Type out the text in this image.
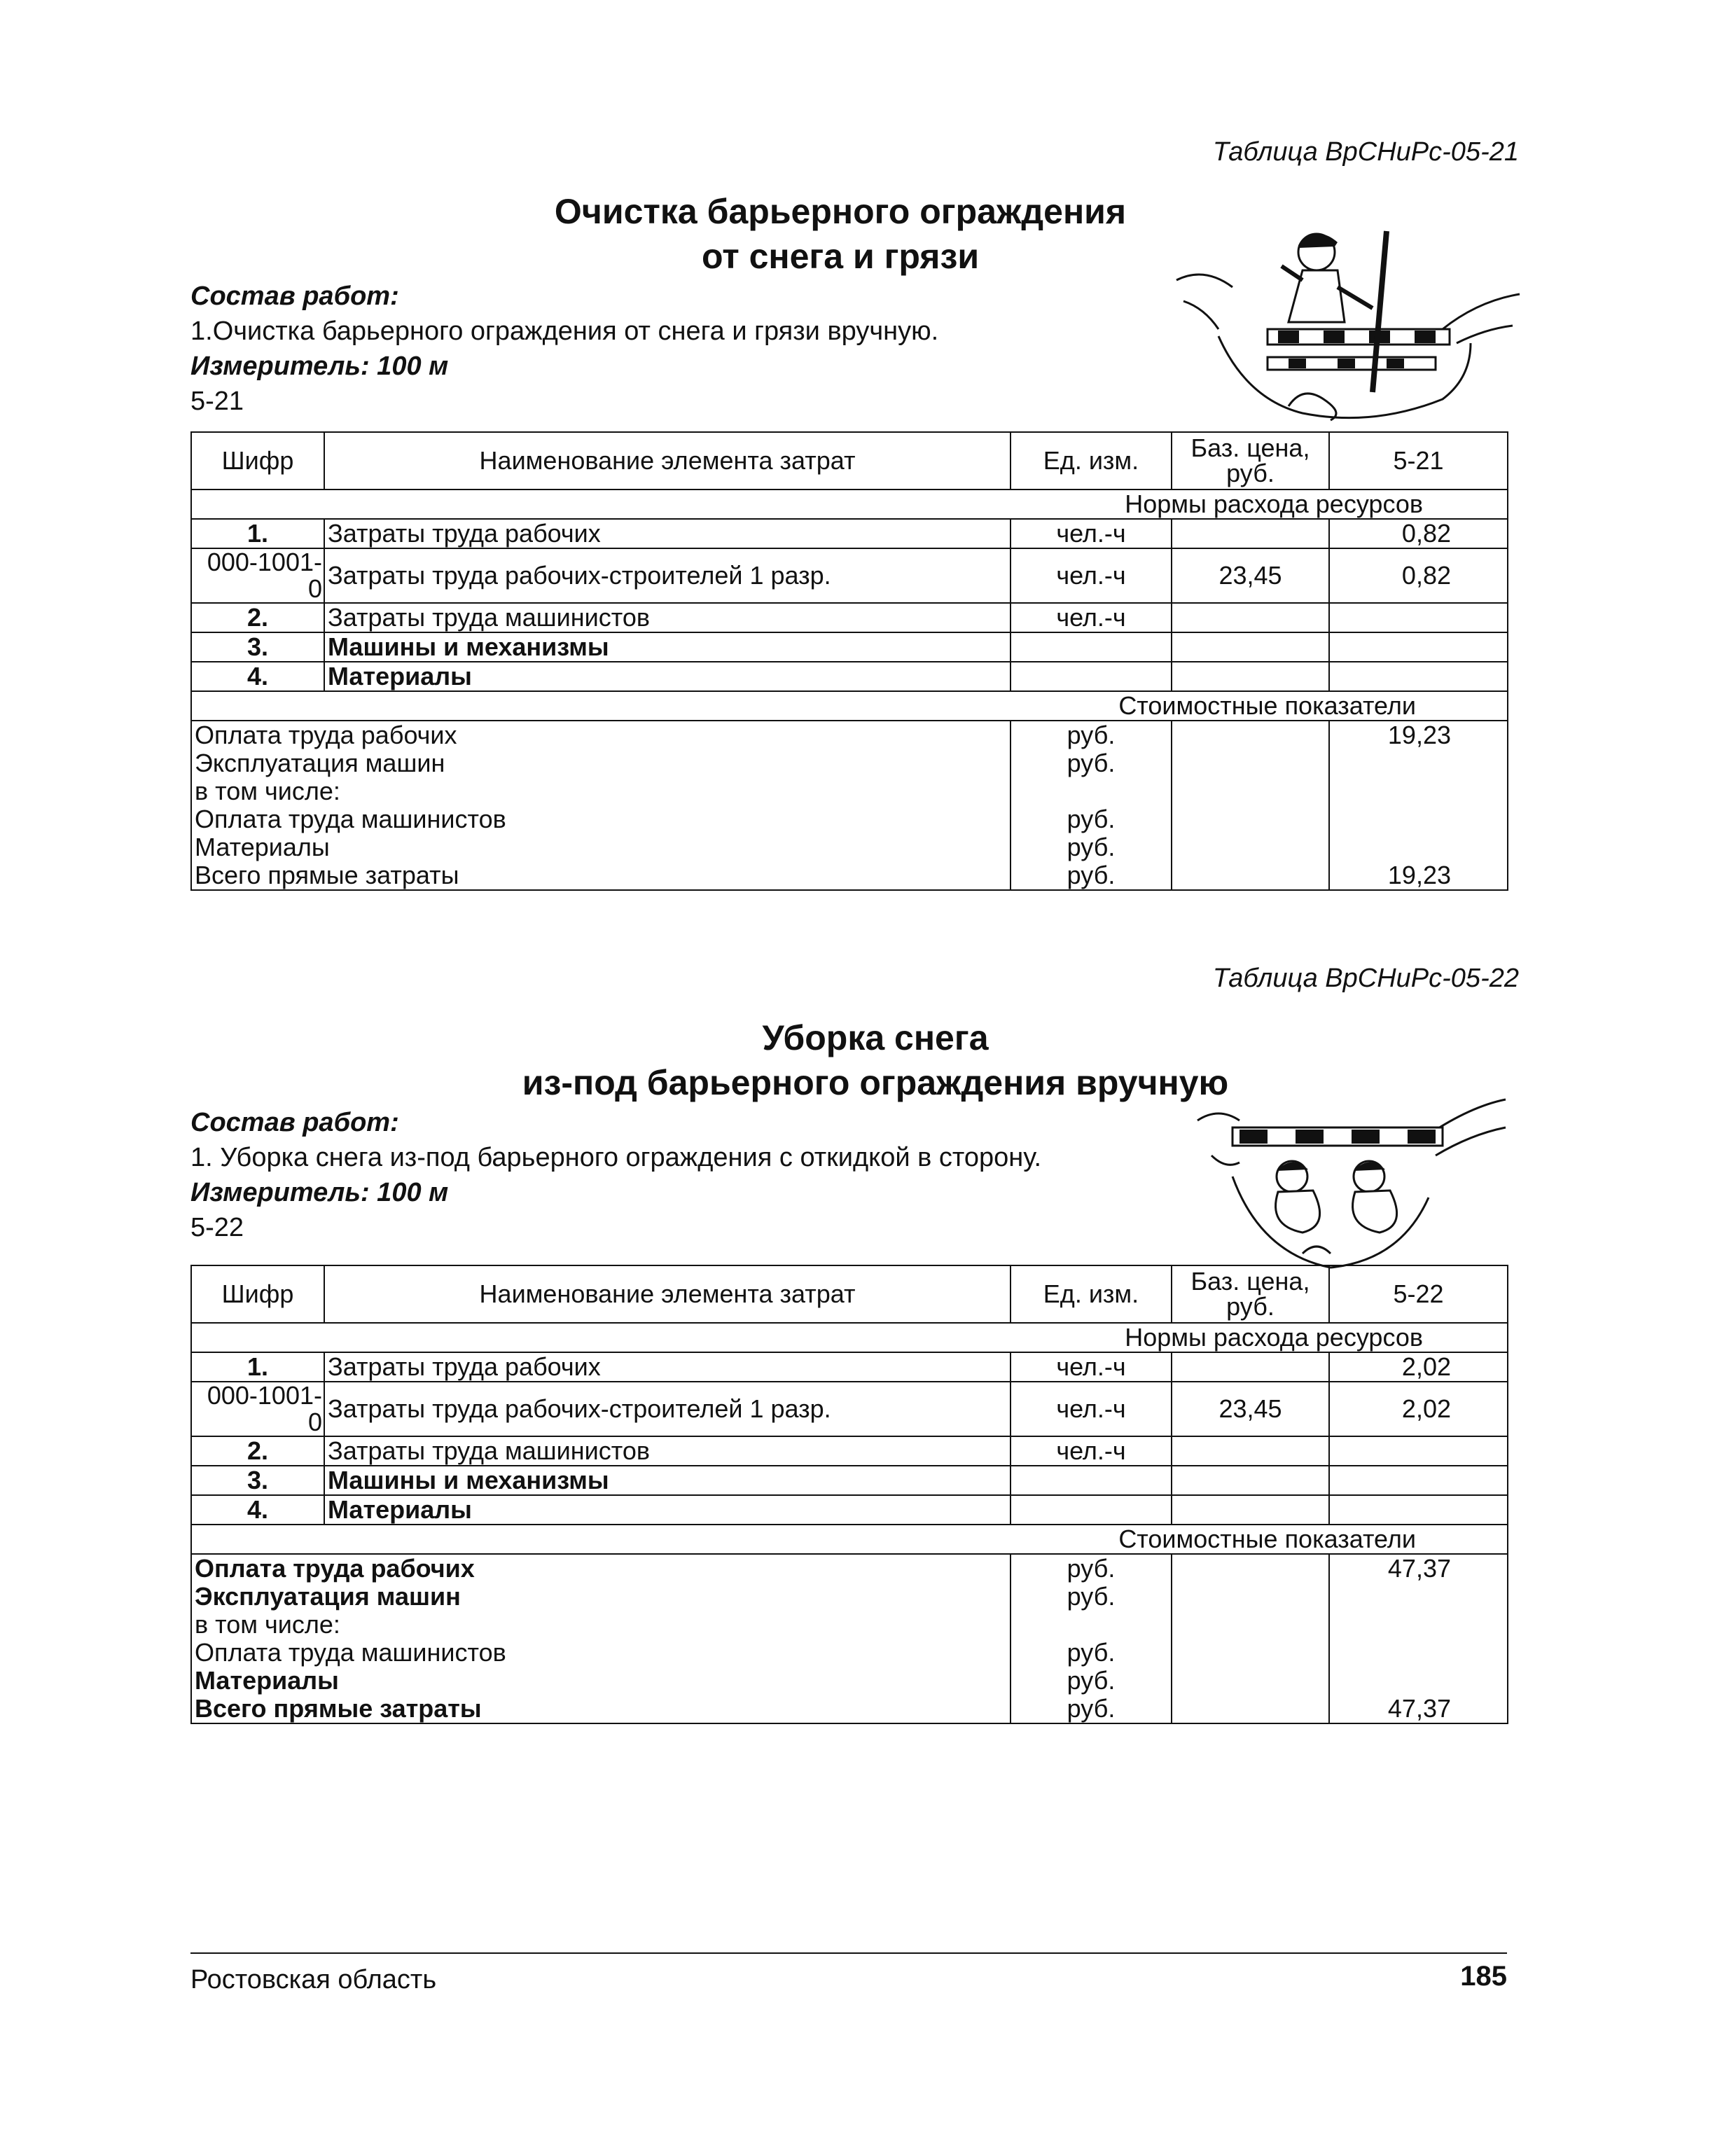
Таблица ВрСНиРс-05-21
Очистка барьерного ограждения
от снега и грязи
Состав работ:
1.Очистка барьерного ограждения от снега и грязи вручную.
Измеритель: 100 м
5-21
Шифр	Наименование элемента затрат	Ед. изм.	Баз. цена, руб.	5-21
Нормы расхода ресурсов				
1.	Затраты труда рабочих	чел.-ч		0,82
000-1001-0	Затраты труда рабочих-строителей 1 разр.	чел.-ч	23,45	0,82
2.	Затраты труда машинистов	чел.-ч		
3.	Машины и механизмы			
4.	Материалы			
Стоимостные показатели				
Оплата труда рабочих		руб.		19,23
Эксплуатация машин		руб.		
в том числе:				
Оплата труда машинистов		руб.		
Материалы		руб.		
Всего прямые затраты		руб.		19,23
Таблица ВрСНиРс-05-22
Уборка снега
из-под барьерного ограждения вручную
Состав работ:
1. Уборка снега из-под барьерного ограждения с откидкой в сторону.
Измеритель: 100 м
5-22
Шифр	Наименование элемента затрат	Ед. изм.	Баз. цена, руб.	5-22
Нормы расхода ресурсов				
1.	Затраты труда рабочих	чел.-ч		2,02
000-1001-0	Затраты труда рабочих-строителей 1 разр.	чел.-ч	23,45	2,02
2.	Затраты труда машинистов	чел.-ч		
3.	Машины и механизмы			
4.	Материалы			
Стоимостные показатели				
Оплата труда рабочих		руб.		47,37
Эксплуатация машин		руб.		
в том числе:				
Оплата труда машинистов		руб.		
Материалы		руб.		
Всего прямые затраты		руб.		47,37
Ростовская область	185
